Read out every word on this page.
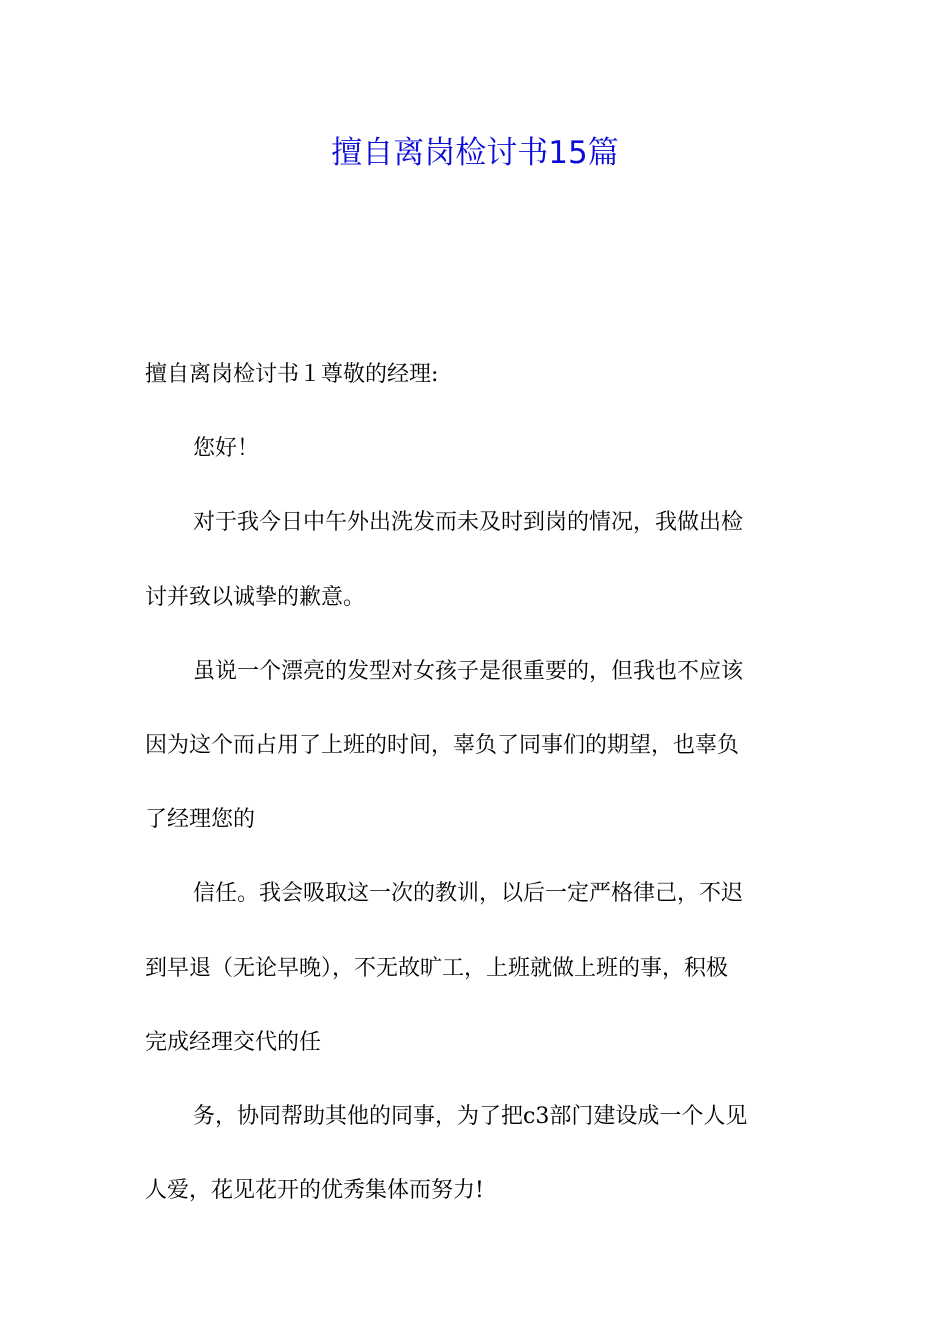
擅自离岗检讨书15篇

擅自离岗检讨书１尊敬的经理:

您好！

对于我今日中午外出洗发而未及时到岗的情况，我做出检

讨并致以诚挚的歉意。

虽说一个漂亮的发型对女孩子是很重要的，但我也不应该

因为这个而占用了上班的时间，辜负了同事们的期望，也辜负

了经理您的

信任。我会吸取这一次的教训，以后一定严格律己，不迟

到早退（无论早晚），不无故旷工，上班就做上班的事，积极

完成经理交代的任

务，协同帮助其他的同事，为了把c3部门建设成一个人见

人爱，花见花开的优秀集体而努力!
